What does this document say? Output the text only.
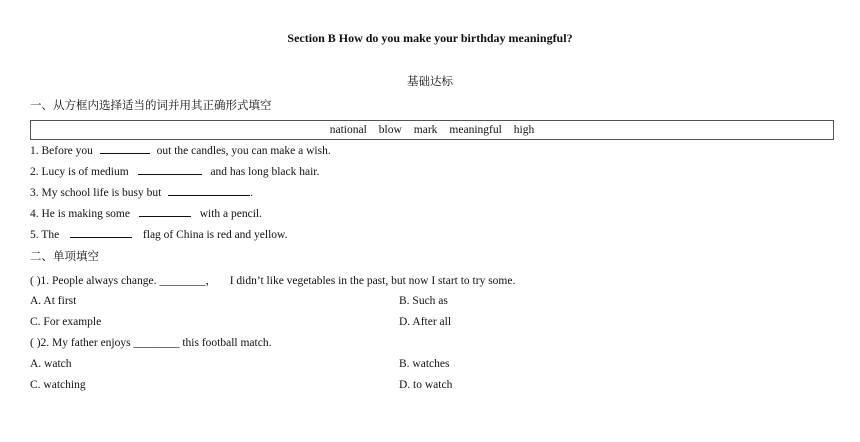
Section B How do you make your birthday meaningful?
基础达标
一、从方框内选择适当的词并用其正确形式填空
national blow mark meaningful high
1. Before you	out the candles, you can make a wish.
2. Lucy is of medium	and has long black hair.
3. My school life is busy but	.
4. He is making some	with a pencil.
5. The	flag of China is red and yellow.
二、单项填空
( )1. People always change. ________， I didn’t like vegetables in the past, but now I start to try some.
A. At first	B. Such as
C. For example	D. After all
( )2. My father enjoys ________ this football match.
A. watch	B. watches
C. watching	D. to watch
